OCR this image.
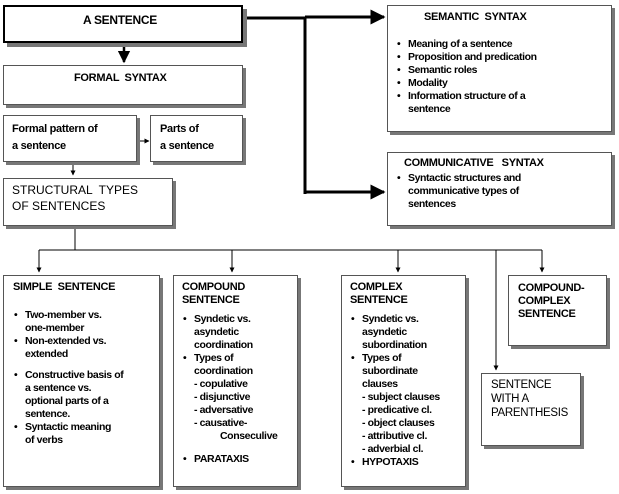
A SENTENCE
FORMAL  SYNTAX
Formal pattern of
a sentence
Parts of
a sentence
STRUCTURAL  TYPES
OF SENTENCES
SEMANTIC  SYNTAX
• Meaning of a sentence
• Proposition and predication
• Semantic roles
• Modality
• Information structure of a
sentence
COMMUNICATIVE   SYNTAX
• Syntactic structures and
communicative types of
sentences
SIMPLE  SENTENCE
• Two-member vs.
one-member
• Non-extended vs.
extended
• Constructive basis of
a sentence vs.
optional parts of a
sentence.
• Syntactic meaning
of verbs
COMPOUND
SENTENCE
• Syndetic vs.
asyndetic
coordination
• Types of
coordination
- copulative
- disjunctive
- adversative
- causative-
Conseculive
• PARATAXIS
COMPLEX
SENTENCE
• Syndetic vs.
asyndetic
subordination
• Types of
subordinate
clauses
- subject clauses
- predicative cl.
- object clauses
- attributive cl.
- adverbial cl.
• HYPOTAXIS
COMPOUND-
COMPLEX
SENTENCE
SENTENCE
WITH A
PARENTHESIS
